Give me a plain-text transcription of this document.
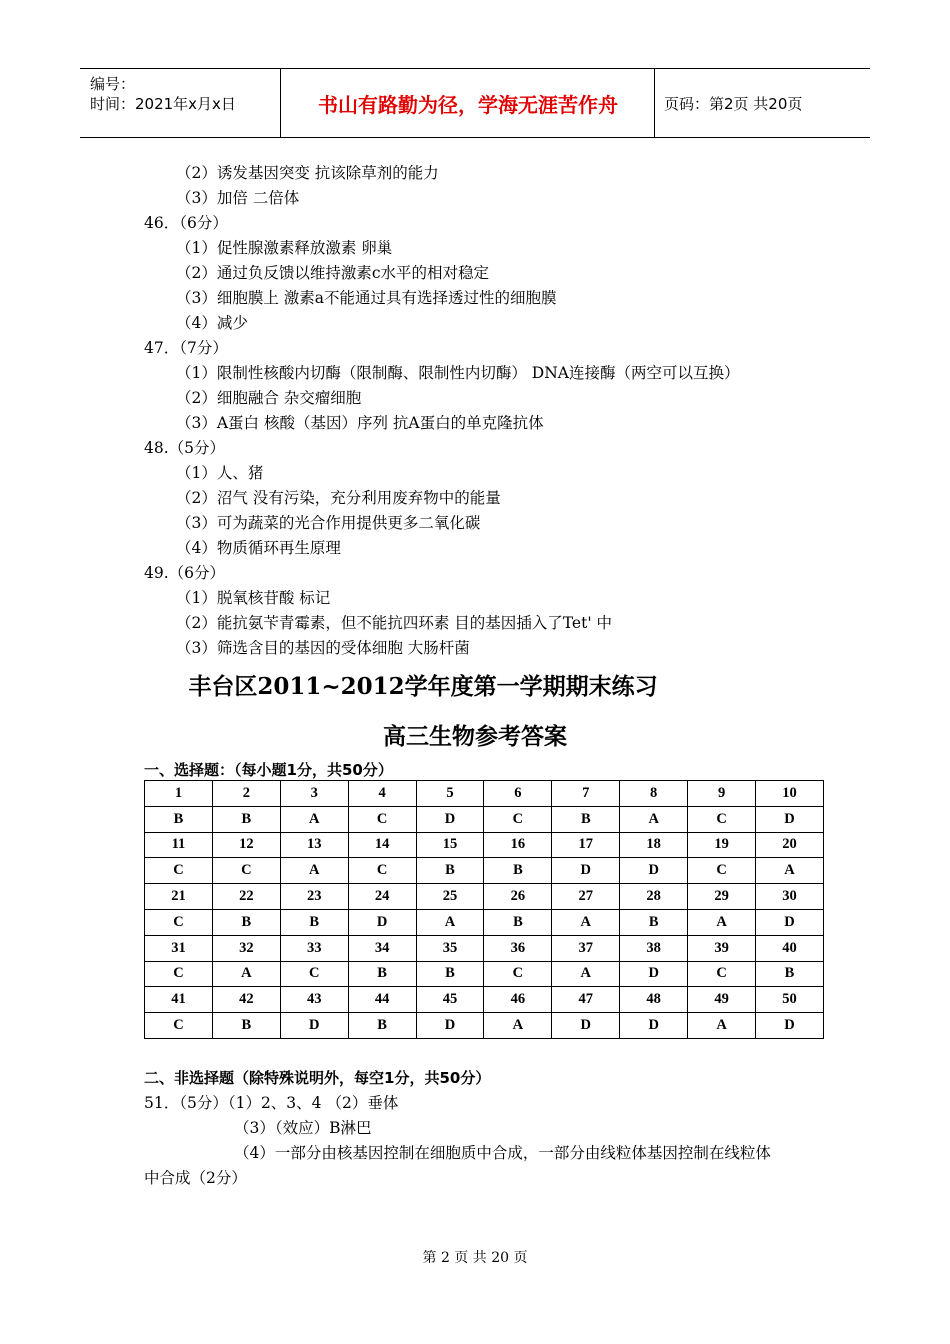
编号：
时间：2021年x月x日	书山有路勤为径，学海无涯苦作舟	页码：第2页 共20页
（2）诱发基因突变 抗该除草剂的能力
（3）加倍 二倍体
46．（6分）
（1）促性腺激素释放激素 卵巢
（2）通过负反馈以维持激素c水平的相对稳定
（3）细胞膜上 激素a不能通过具有选择透过性的细胞膜
（4）减少
47．（7分）
（1）限制性核酸内切酶（限制酶、限制性内切酶） DNA连接酶（两空可以互换）
（2）细胞融合 杂交瘤细胞
（3）A蛋白 核酸（基因）序列 抗A蛋白的单克隆抗体
48.（5分）
（1）人、猪
（2）沼气 没有污染，充分利用废弃物中的能量
（3）可为蔬菜的光合作用提供更多二氧化碳
（4）物质循环再生原理
49.（6分）
（1）脱氧核苷酸 标记
（2）能抗氨苄青霉素，但不能抗四环素 目的基因插入了Tet' 中
（3）筛选含目的基因的受体细胞 大肠杆菌
丰台区2011~2012学年度第一学期期末练习
高三生物参考答案
一、选择题：（每小题1分，共50分）
1	2	3	4	5	6	7	8	9	10
B	B	A	C	D	C	B	A	C	D
11	12	13	14	15	16	17	18	19	20
C	C	A	C	B	B	D	D	C	A
21	22	23	24	25	26	27	28	29	30
C	B	B	D	A	B	A	B	A	D
31	32	33	34	35	36	37	38	39	40
C	A	C	B	B	C	A	D	C	B
41	42	43	44	45	46	47	48	49	50
C	B	D	B	D	A	D	D	A	D
二、非选择题（除特殊说明外，每空1分，共50分）
51．（5分）（1）2、3、4 （2）垂体
（3）（效应）B淋巴
（4）一部分由核基因控制在细胞质中合成，一部分由线粒体基因控制在线粒体
中合成（2分）
第 2 页 共 20 页
